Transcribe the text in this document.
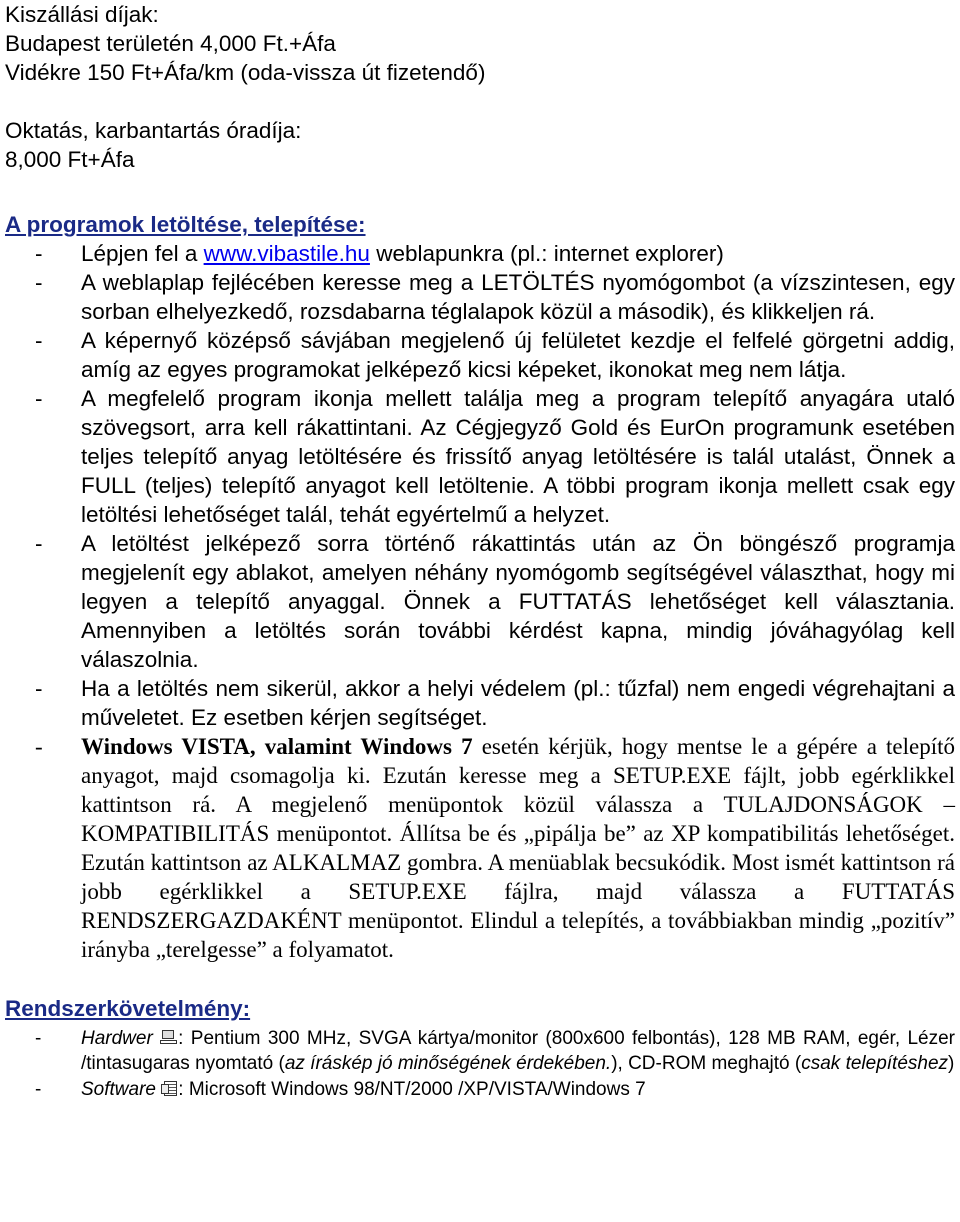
Kiszállási díjak:

Budapest területén 4,000 Ft.+Áfa

Vidékre 150 Ft+Áfa/km (oda-vissza út fizetendő)

Oktatás, karbantartás óradíja:

8,000 Ft+Áfa

A programok letöltése, telepítése:

- Lépjen fel a www.vibastile.hu weblapunkra (pl.: internet explorer)
- A weblaplap fejlécében keresse meg a LETÖLTÉS nyomógombot (a vízszintesen, egy sorban elhelyezkedő, rozsdabarna téglalapok közül a második), és klikkeljen rá.
- A képernyő középső sávjában megjelenő új felületet kezdje el felfelé görgetni addig, amíg az egyes programokat jelképező kicsi képeket, ikonokat meg nem látja.
- A megfelelő program ikonja mellett találja meg a program telepítő anyagára utaló szövegsort, arra kell rákattintani. Az Cégjegyző Gold és EurOn programunk esetében teljes telepítő anyag letöltésére és frissítő anyag letöltésére is talál utalást, Önnek a FULL (teljes) telepítő anyagot kell letöltenie. A többi program ikonja mellett csak egy letöltési lehetőséget talál, tehát egyértelmű a helyzet.
- A letöltést jelképező sorra történő rákattintás után az Ön böngésző programja megjelenít egy ablakot, amelyen néhány nyomógomb segítségével választhat, hogy mi legyen a telepítő anyaggal. Önnek a FUTTATÁS lehetőséget kell választania. Amennyiben a letöltés során további kérdést kapna, mindig jóváhagyólag kell válaszolnia.
- Ha a letöltés nem sikerül, akkor a helyi védelem (pl.: tűzfal) nem engedi végrehajtani a műveletet. Ez esetben kérjen segítséget.
- Windows VISTA, valamint Windows 7 esetén kérjük, hogy mentse le a gépére a telepítő anyagot, majd csomagolja ki. Ezután keresse meg a SETUP.EXE fájlt, jobb egérklikkel kattintson rá. A megjelenő menüpontok közül válassza a TULAJDONSÁGOK – KOMPATIBILITÁS menüpontot. Állítsa be és „pipálja be” az XP kompatibilitás lehetőséget. Ezután kattintson az ALKALMAZ gombra. A menüablak becsukódik. Most ismét kattintson rá jobb egérklikkel a SETUP.EXE fájlra, majd válassza a FUTTATÁS RENDSZERGAZDAKÉNT menüpontot. Elindul a telepítés, a továbbiakban mindig „pozitív” irányba „terelgesse” a folyamatot.

Rendszerkövetelmény:

- Hardwer : Pentium 300 MHz, SVGA kártya/monitor (800x600 felbontás), 128 MB RAM, egér, Lézer /tintasugaras nyomtató (az íráskép jó minőségének érdekében.), CD-ROM meghajtó (csak telepítéshez)
- Software : Microsoft Windows 98/NT/2000 /XP/VISTA/Windows 7
